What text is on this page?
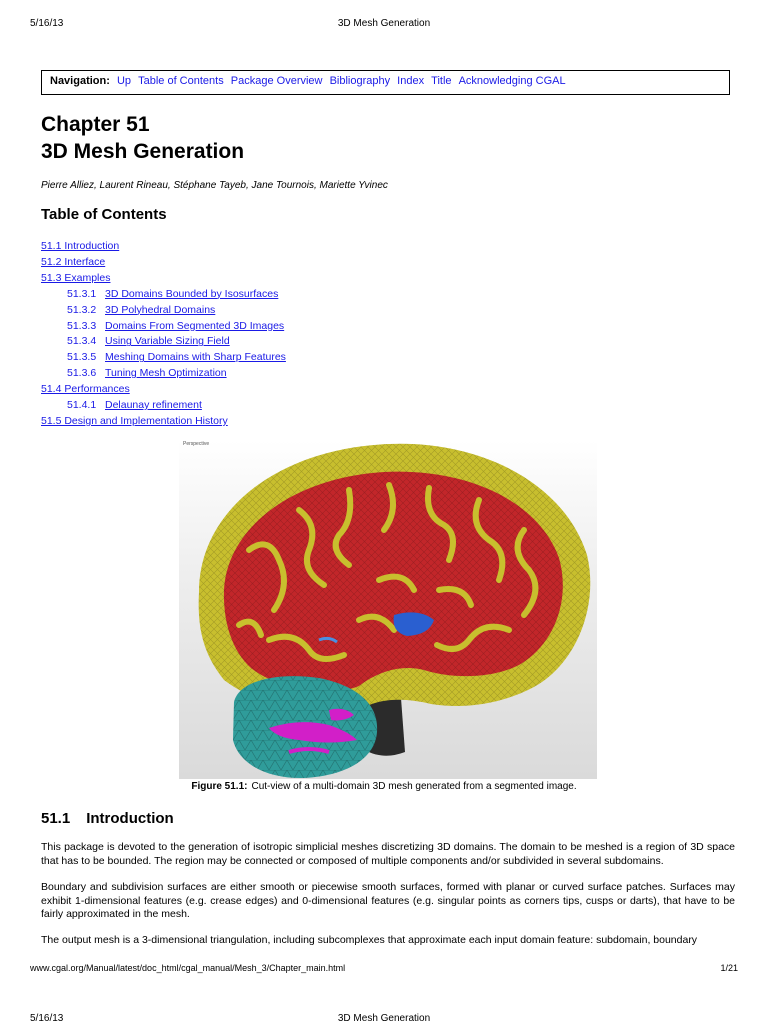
5/16/13	3D Mesh Generation
Navigation: Up Table of Contents Package Overview Bibliography Index Title Acknowledging CGAL
Chapter 51
3D Mesh Generation
Pierre Alliez, Laurent Rineau, Stéphane Tayeb, Jane Tournois, Mariette Yvinec
Table of Contents
51.1 Introduction
51.2 Interface
51.3 Examples
51.3.1 3D Domains Bounded by Isosurfaces
51.3.2 3D Polyhedral Domains
51.3.3 Domains From Segmented 3D Images
51.3.4 Using Variable Sizing Field
51.3.5 Meshing Domains with Sharp Features
51.3.6 Tuning Mesh Optimization
51.4 Performances
51.4.1 Delaunay refinement
51.5 Design and Implementation History
Perspective
Figure 51.1: Cut-view of a multi-domain 3D mesh generated from a segmented image.
51.1 Introduction

This package is devoted to the generation of isotropic simplicial meshes discretizing 3D domains. The domain to be meshed is a region of 3D space that has to be bounded. The region may be connected or composed of multiple components and/or subdivided in several subdomains.

Boundary and subdivision surfaces are either smooth or piecewise smooth surfaces, formed with planar or curved surface patches. Surfaces may exhibit 1-dimensional features (e.g. crease edges) and 0-dimensional features (e.g. singular points as corners tips, cusps or darts), that have to be fairly approximated in the mesh.

The output mesh is a 3-dimensional triangulation, including subcomplexes that approximate each input domain feature: subdomain, boundary

www.cgal.org/Manual/latest/doc_html/cgal_manual/Mesh_3/Chapter_main.html	1/21
5/16/13	3D Mesh Generation
